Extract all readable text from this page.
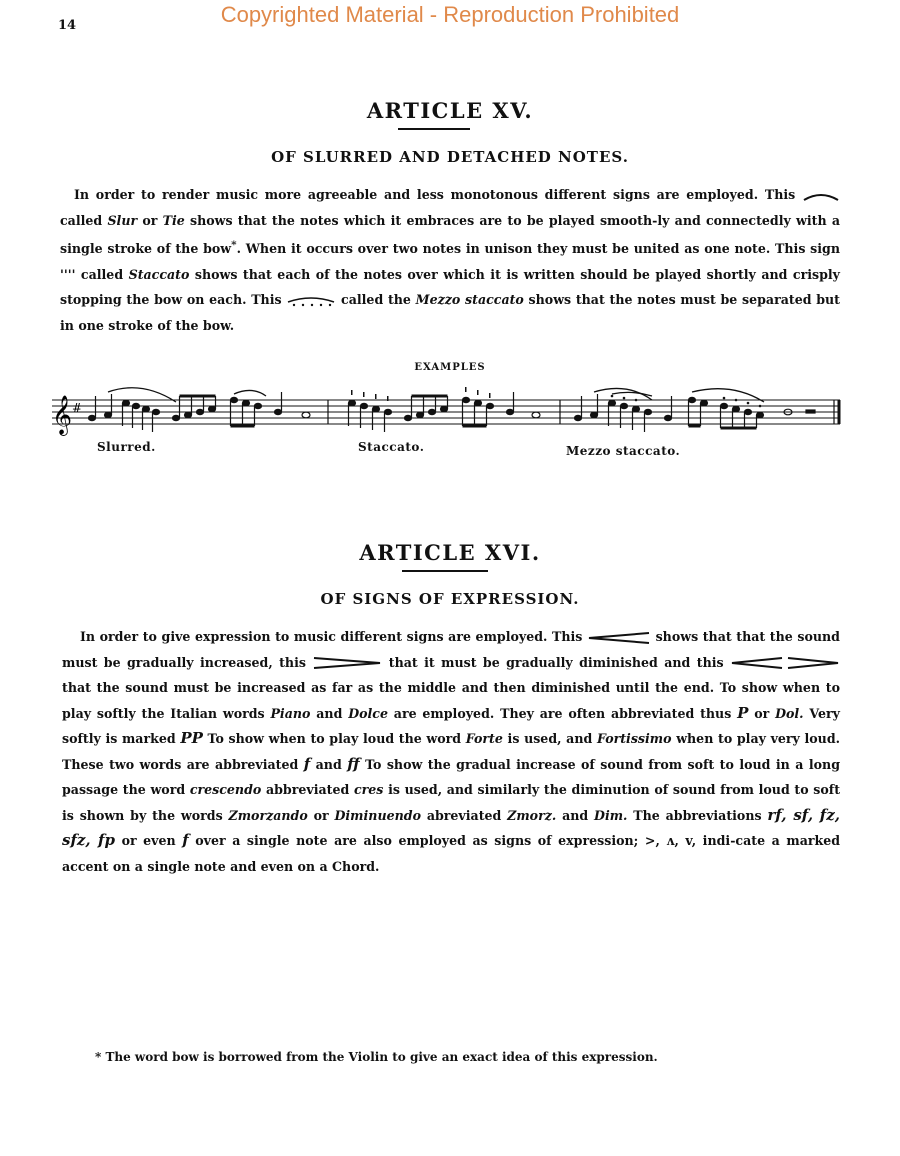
Copyrighted Material - Reproduction Prohibited
14
ARTICLE XV.
OF SLURRED AND DETACHED NOTES.
In order to render music more agreeable and less monotonous different signs are employed. This  called Slur or Tie shows that the notes which it embraces are to be played smooth-ly and connectedly with a single stroke of the bow*. When it occurs over two notes in unison they must be united as one note. This sign '''' called Staccato shows that each of the notes over which it is written should be played shortly and crisply stopping the bow on each. This	called the Mezzo staccato shows that the notes must be separated but in one stroke of the bow.
EXAMPLES
𝄞 #
Slurred.	Staccato.	Mezzo staccato.
ARTICLE XVI.
OF SIGNS OF EXPRESSION.
In order to give expression to music different signs are employed. This	shows that that the sound must be gradually increased, this	that it must be gradually diminished and this  that the sound must be increased as far as the middle and then diminished until the end. To show when to play softly the Italian words Piano and Dolce are employed. They are often abbreviated thus P or Dol. Very softly is marked PP To show when to play loud the word Forte is used, and Fortissimo when to play very loud. These two words are abbreviated f and ff To show the gradual increase of sound from soft to loud in a long passage the word crescendo abbreviated cres is used, and similarly the diminution of sound from loud to soft is shown by the words Zmorzando or Diminuendo abreviated Zmorz. and Dim. The abbreviations rf, sf, fz, sfz, fp or even f over a single note are also employed as signs of expression; >, ʌ, v, indi-cate a marked accent on a single note and even on a Chord.
* The word bow is borrowed from the Violin to give an exact idea of this expression.
